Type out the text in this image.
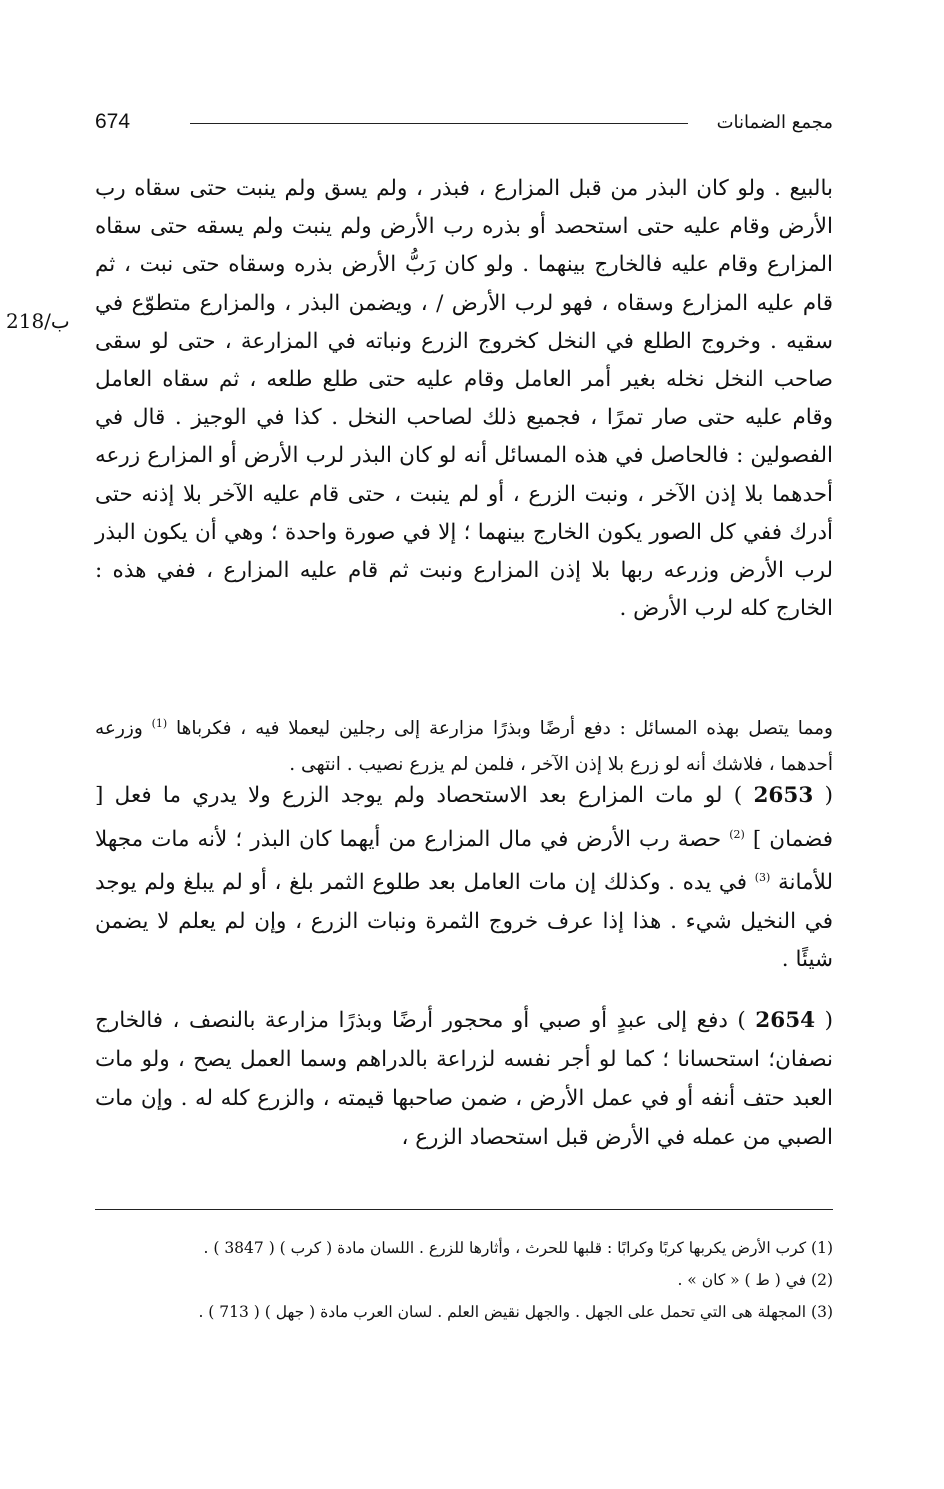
674	مجمع الضمانات
218/ب
بالبيع . ولو كان البذر من قبل المزارع ، فبذر ، ولم يسق ولم ينبت حتى سقاه رب الأرض وقام عليه حتى استحصد أو بذره رب الأرض ولم ينبت ولم يسقه حتى سقاه المزارع وقام عليه فالخارج بينهما . ولو كان رَبُّ الأرض بذره وسقاه حتى نبت ، ثم قام عليه المزارع وسقاه ، فهو لرب الأرض / ، ويضمن البذر ، والمزارع متطوّع في سقيه . وخروج الطلع في النخل كخروج الزرع ونباته في المزارعة ، حتى لو سقى صاحب النخل نخله بغير أمر العامل وقام عليه حتى طلع طلعه ، ثم سقاه العامل وقام عليه حتى صار تمرًا ، فجميع ذلك لصاحب النخل . كذا في الوجيز . قال في الفصولين : فالحاصل في هذه المسائل أنه لو كان البذر لرب الأرض أو المزارع زرعه أحدهما بلا إذن الآخر ، ونبت الزرع ، أو لم ينبت ، حتى قام عليه الآخر بلا إذنه حتى أدرك ففي كل الصور يكون الخارج بينهما ؛ إلا في صورة واحدة ؛ وهي أن يكون البذر لرب الأرض وزرعه ربها بلا إذن المزارع ونبت ثم قام عليه المزارع ، ففي هذه : الخارج كله لرب الأرض .
ومما يتصل بهذه المسائل : دفع أرضًا وبذرًا مزارعة إلى رجلين ليعملا فيه ، فكرباها $^{(1)}$ وزرعه أحدهما ، فلاشك أنه لو زرع بلا إذن الآخر ، فلمن لم يزرع نصيب . انتهى .
( 2653 ) لو مات المزارع بعد الاستحصاد ولم يوجد الزرع ولا يدري ما فعل [ فضمان ] $^{(2)}$ حصة رب الأرض في مال المزارع من أيهما كان البذر ؛ لأنه مات مجهلا للأمانة $^{(3)}$ في يده . وكذلك إن مات العامل بعد طلوع الثمر بلغ ، أو لم يبلغ ولم يوجد في النخيل شيء . هذا إذا عرف خروج الثمرة ونبات الزرع ، وإن لم يعلم لا يضمن شيئًا .
( 2654 ) دفع إلى عبدٍ أو صبي أو محجور أرضًا وبذرًا مزارعة بالنصف ، فالخارج نصفان؛ استحسانا ؛ كما لو أجر نفسه لزراعة بالدراهم وسما العمل يصح ، ولو مات العبد حتف أنفه أو في عمل الأرض ، ضمن صاحبها قيمته ، والزرع كله له . وإن مات الصبي من عمله في الأرض قبل استحصاد الزرع ،
(1) كرب الأرض يكربها كربًا وكرابًا : قلبها للحرث ، وأثارها للزرع . اللسان مادة ( كرب ) ( 3847 ) .
(2) في ( ط ) « كان » .
(3) المجهلة هى التي تحمل على الجهل . والجهل نقيض العلم . لسان العرب مادة ( جهل ) ( 713 ) .
